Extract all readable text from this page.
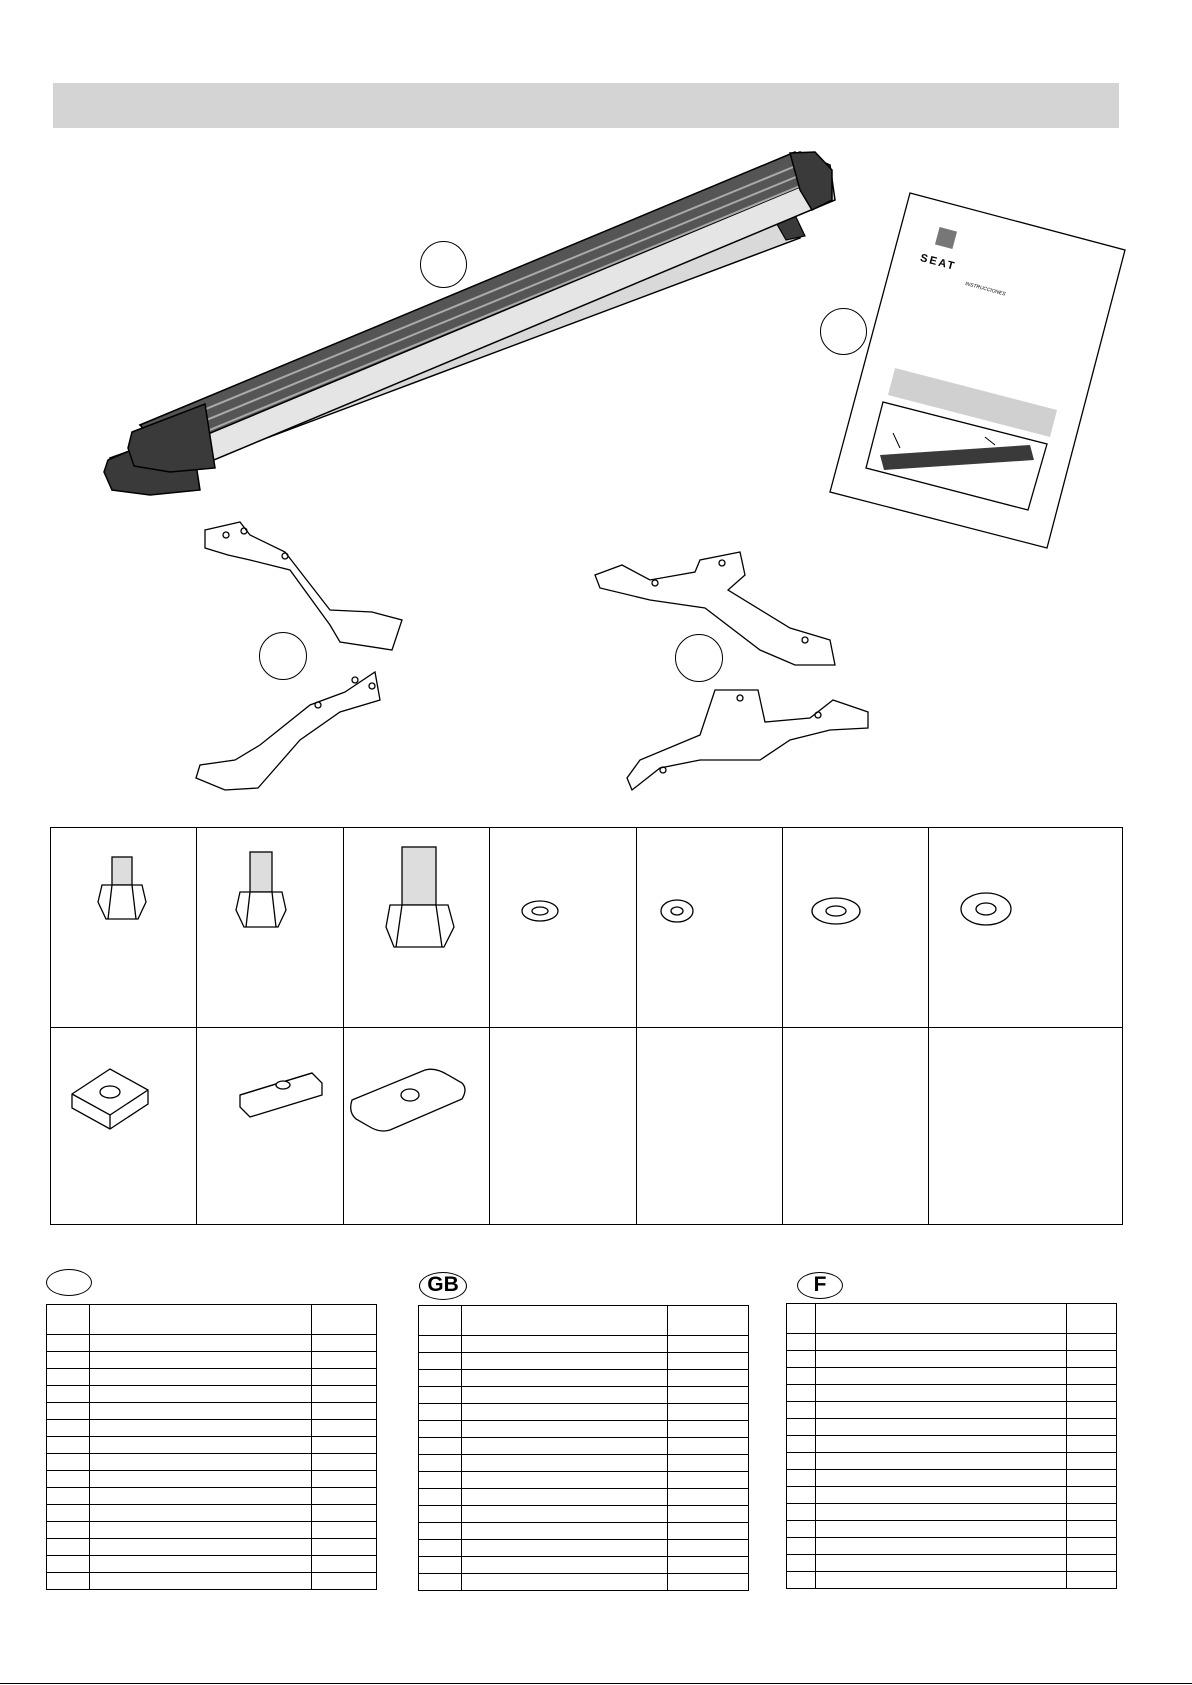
SEAT
INSTRUCCIONES
GB	F
